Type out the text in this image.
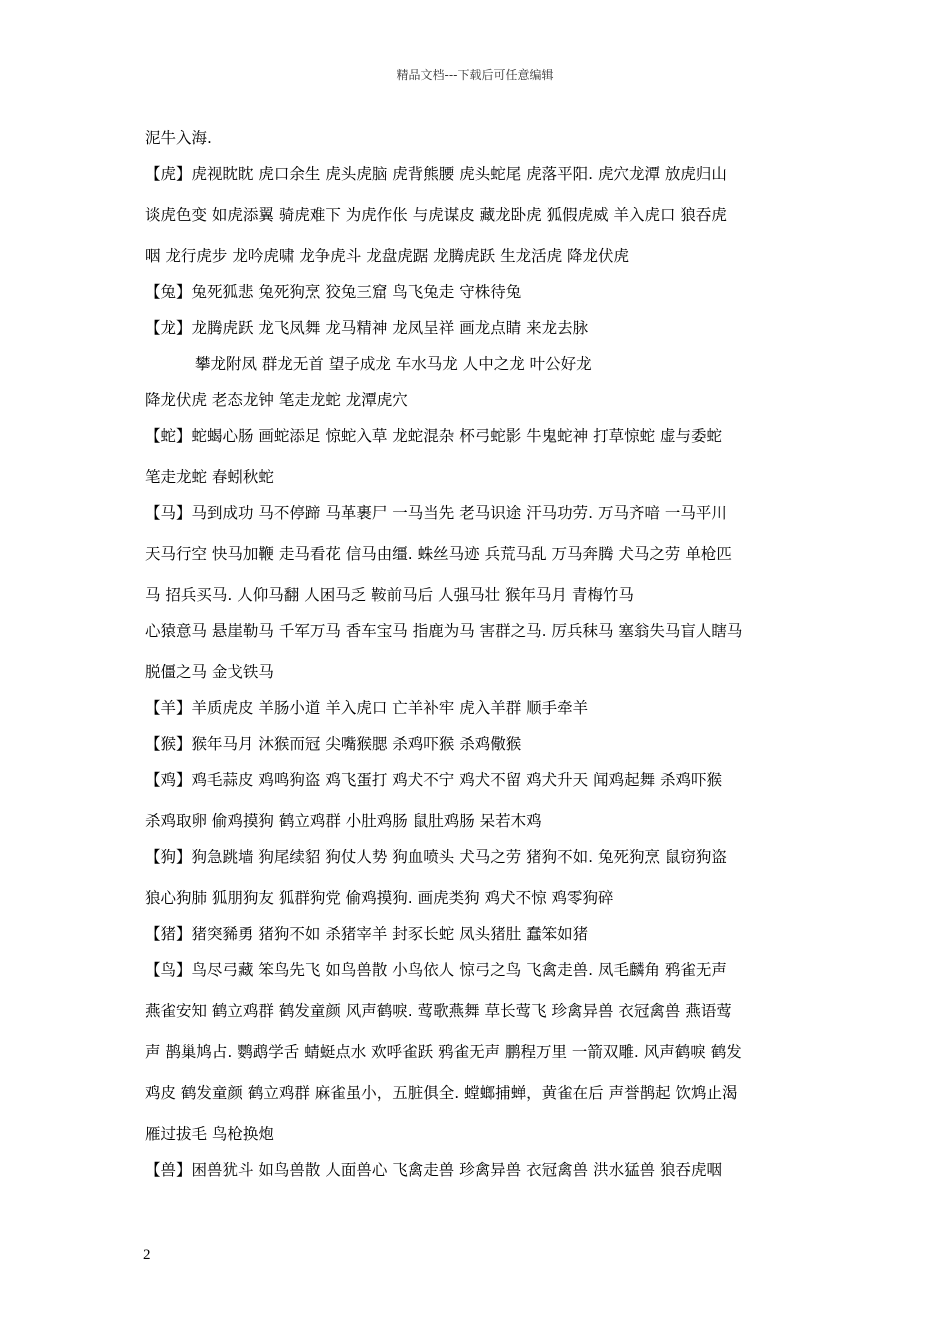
精品文档---下载后可任意编辑
泥牛入海.
【虎】虎视眈眈 虎口余生 虎头虎脑 虎背熊腰 虎头蛇尾 虎落平阳. 虎穴龙潭 放虎归山
谈虎色变 如虎添翼 骑虎难下 为虎作伥 与虎谋皮 藏龙卧虎 狐假虎威 羊入虎口 狼吞虎
咽 龙行虎步 龙吟虎啸 龙争虎斗 龙盘虎踞 龙腾虎跃 生龙活虎 降龙伏虎
【兔】兔死狐悲 兔死狗烹 狡兔三窟 鸟飞兔走 守株待兔
【龙】龙腾虎跃 龙飞凤舞 龙马精神 龙凤呈祥 画龙点睛 来龙去脉
攀龙附凤 群龙无首 望子成龙 车水马龙 人中之龙 叶公好龙
降龙伏虎 老态龙钟 笔走龙蛇 龙潭虎穴
【蛇】蛇蝎心肠 画蛇添足 惊蛇入草 龙蛇混杂 杯弓蛇影 牛鬼蛇神 打草惊蛇 虚与委蛇
笔走龙蛇 春蚓秋蛇
【马】马到成功 马不停蹄 马革裹尸 一马当先 老马识途 汗马功劳. 万马齐喑 一马平川
天马行空 快马加鞭 走马看花 信马由缰. 蛛丝马迹 兵荒马乱 万马奔腾 犬马之劳 单枪匹
马 招兵买马. 人仰马翻 人困马乏 鞍前马后 人强马壮 猴年马月 青梅竹马
心猿意马 悬崖勒马 千军万马 香车宝马 指鹿为马 害群之马. 厉兵秣马 塞翁失马盲人瞎马
脱僵之马 金戈铁马
【羊】羊质虎皮 羊肠小道 羊入虎口 亡羊补牢 虎入羊群 顺手牵羊
【猴】猴年马月 沐猴而冠 尖嘴猴腮 杀鸡吓猴 杀鸡儆猴
【鸡】鸡毛蒜皮 鸡鸣狗盗 鸡飞蛋打 鸡犬不宁 鸡犬不留 鸡犬升天 闻鸡起舞 杀鸡吓猴
杀鸡取卵 偷鸡摸狗 鹤立鸡群 小肚鸡肠 鼠肚鸡肠 呆若木鸡
【狗】狗急跳墙 狗尾续貂 狗仗人势 狗血喷头 犬马之劳 猪狗不如. 兔死狗烹 鼠窃狗盗
狼心狗肺 狐朋狗友 狐群狗党 偷鸡摸狗. 画虎类狗 鸡犬不惊 鸡零狗碎
【猪】猪突豨勇 猪狗不如 杀猪宰羊 封豕长蛇 凤头猪肚 蠢笨如猪
【鸟】鸟尽弓藏 笨鸟先飞 如鸟兽散 小鸟依人 惊弓之鸟 飞禽走兽. 凤毛麟角 鸦雀无声
燕雀安知 鹤立鸡群 鹤发童颜 风声鹤唳. 莺歌燕舞 草长莺飞 珍禽异兽 衣冠禽兽 燕语莺
声 鹊巢鸠占. 鹦鹉学舌 蜻蜓点水 欢呼雀跃 鸦雀无声 鹏程万里 一箭双雕. 风声鹤唳 鹤发
鸡皮 鹤发童颜 鹤立鸡群 麻雀虽小，五脏俱全. 螳螂捕蝉，黄雀在后 声誉鹊起 饮鸩止渴
雁过拔毛 鸟枪换炮
【兽】困兽犹斗 如鸟兽散 人面兽心 飞禽走兽 珍禽异兽 衣冠禽兽 洪水猛兽 狼吞虎咽
2
